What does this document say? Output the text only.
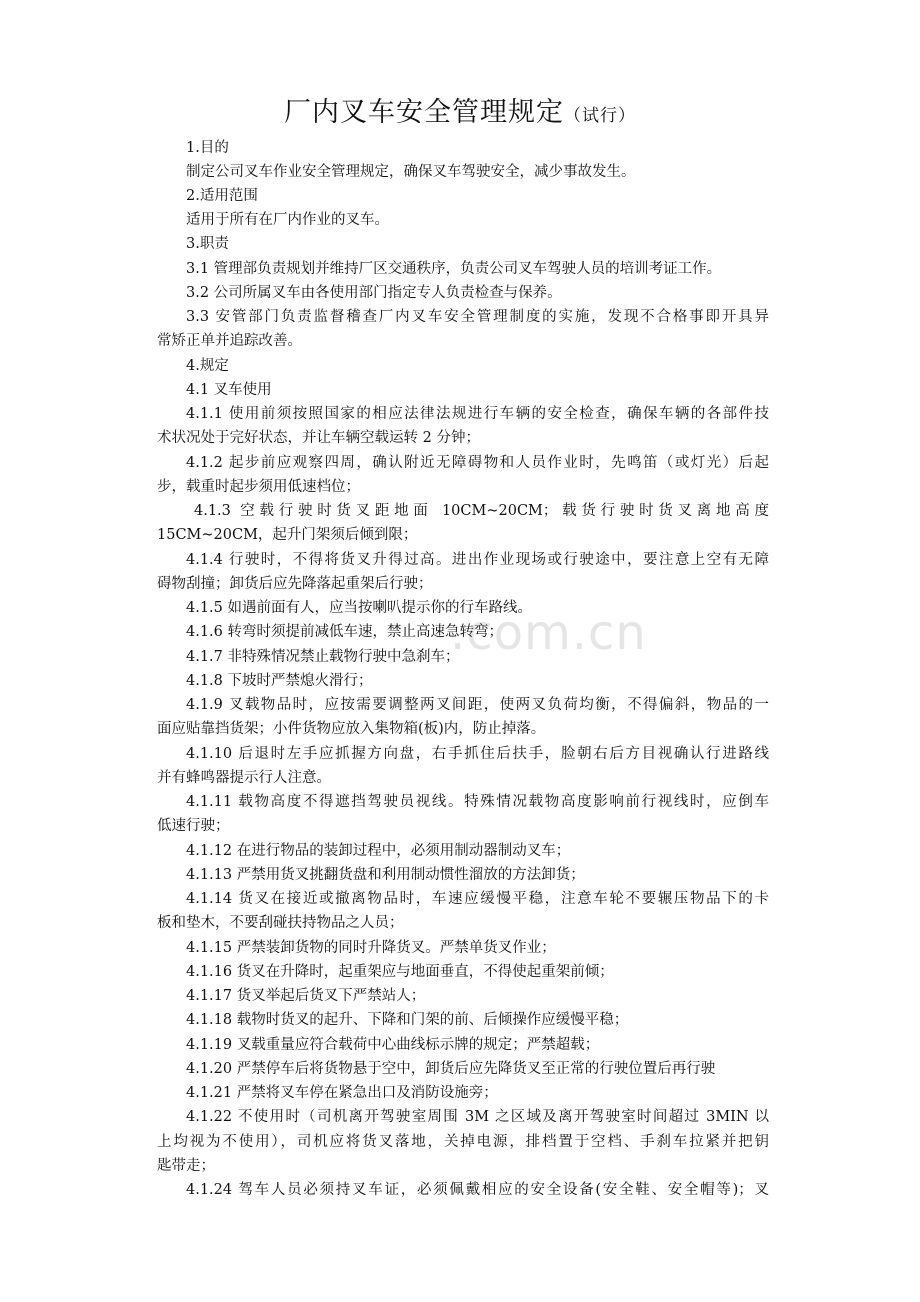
.com.cn
厂内叉车安全管理规定（试行）
1.目的
制定公司叉车作业安全管理规定，确保叉车驾驶安全，减少事故发生。
2.适用范围
适用于所有在厂内作业的叉车。
3.职责
3.1 管理部负责规划并维持厂区交通秩序，负责公司叉车驾驶人员的培训考证工作。
3.2 公司所属叉车由各使用部门指定专人负责检查与保养。
3.3 安管部门负责监督稽查厂内叉车安全管理制度的实施，发现不合格事即开具异
常矫正单并追踪改善。
4.规定
4.1 叉车使用
4.1.1 使用前须按照国家的相应法律法规进行车辆的安全检查，确保车辆的各部件技
术状况处于完好状态，并让车辆空载运转 2 分钟；
4.1.2 起步前应观察四周，确认附近无障碍物和人员作业时，先鸣笛（或灯光）后起
步，载重时起步须用低速档位；
4.1.3 空载行驶时货叉距地面 10CM~20CM；载货行驶时货叉离地高度
15CM~20CM，起升门架须后倾到限；
4.1.4 行驶时，不得将货叉升得过高。进出作业现场或行驶途中，要注意上空有无障
碍物刮撞；卸货后应先降落起重架后行驶；
4.1.5 如遇前面有人，应当按喇叭提示你的行车路线。
4.1.6 转弯时须提前减低车速，禁止高速急转弯；
4.1.7 非特殊情况禁止载物行驶中急刹车；
4.1.8 下坡时严禁熄火滑行；
4.1.9 叉载物品时，应按需要调整两叉间距，使两叉负荷均衡，不得偏斜，物品的一
面应贴靠挡货架；小件货物应放入集物箱(板)内，防止掉落。
4.1.10 后退时左手应抓握方向盘，右手抓住后扶手，脸朝右后方目视确认行进路线
并有蜂鸣器提示行人注意。
4.1.11 载物高度不得遮挡驾驶员视线。特殊情况载物高度影响前行视线时，应倒车
低速行驶；
4.1.12 在进行物品的装卸过程中，必须用制动器制动叉车；
4.1.13 严禁用货叉挑翻货盘和利用制动惯性溜放的方法卸货；
4.1.14 货叉在接近或撤离物品时，车速应缓慢平稳，注意车轮不要辗压物品下的卡
板和垫木，不要刮碰扶持物品之人员；
4.1.15 严禁装卸货物的同时升降货叉。严禁单货叉作业；
4.1.16 货叉在升降时，起重架应与地面垂直，不得使起重架前倾；
4.1.17 货叉举起后货叉下严禁站人；
4.1.18 载物时货叉的起升、下降和门架的前、后倾操作应缓慢平稳；
4.1.19 叉载重量应符合载荷中心曲线标示牌的规定；严禁超载；
4.1.20 严禁停车后将货物悬于空中，卸货后应先降货叉至正常的行驶位置后再行驶
4.1.21 严禁将叉车停在紧急出口及消防设施旁；
4.1.22 不使用时（司机离开驾驶室周围 3M 之区域及离开驾驶室时间超过 3MIN 以
上均视为不使用），司机应将货叉落地，关掉电源，排档置于空档、手刹车拉紧并把钥
匙带走；
4.1.24 驾车人员必须持叉车证，必须佩戴相应的安全设备(安全鞋、安全帽等)；叉
